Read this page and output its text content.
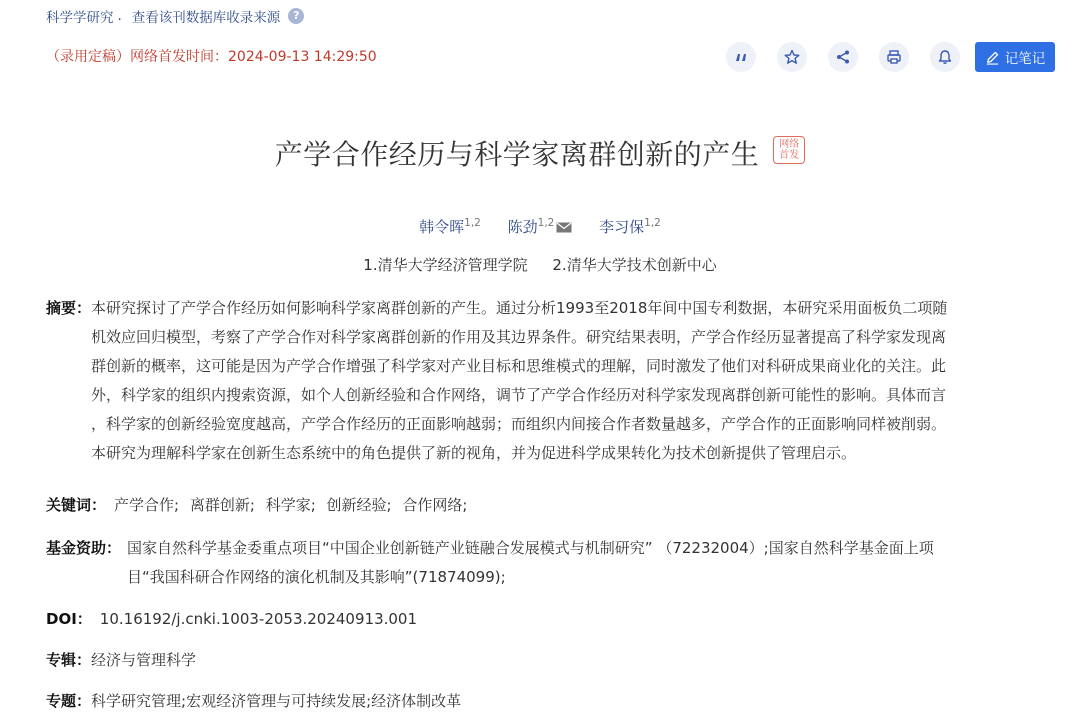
科学学研究 . 查看该刊数据库收录来源	?
（录用定稿）网络首发时间：2024-09-13 14:29:50	记笔记
产学合作经历与科学家离群创新的产生 网络首发
韩令晖$^{1,2}$ 陈劲$^{1,2}$	李习保$^{1,2}$
1.清华大学经济管理学院 2.清华大学技术创新中心
摘要： 本研究探讨了产学合作经历如何影响科学家离群创新的产生。通过分析1993至2018年间中国专利数据，本研究采用面板负二项随
机效应回归模型，考察了产学合作对科学家离群创新的作用及其边界条件。研究结果表明，产学合作经历显著提高了科学家发现离
群创新的概率，这可能是因为产学合作增强了科学家对产业目标和思维模式的理解，同时激发了他们对科研成果商业化的关注。此
外，科学家的组织内搜索资源，如个人创新经验和合作网络，调节了产学合作经历对科学家发现离群创新可能性的影响。具体而言
，科学家的创新经验宽度越高，产学合作经历的正面影响越弱；而组织内间接合作者数量越多，产学合作的正面影响同样被削弱。
本研究为理解科学家在创新生态系统中的角色提供了新的视角，并为促进科学成果转化为技术创新提供了管理启示。
关键词： 产学合作; 离群创新; 科学家; 创新经验; 合作网络;
基金资助： 国家自然科学基金委重点项目“中国企业创新链产业链融合发展模式与机制研究” （72232004）;国家自然科学基金面上项
目“我国科研合作网络的演化机制及其影响”(71874099);
DOI： 10.16192/j.cnki.1003-2053.20240913.001
专辑： 经济与管理科学
专题： 科学研究管理;宏观经济管理与可持续发展;经济体制改革
